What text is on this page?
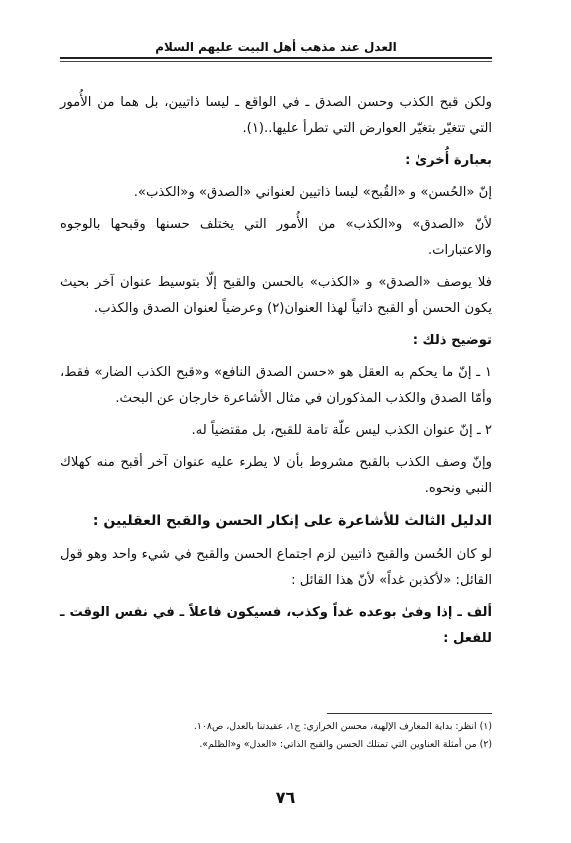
العدل عند مذهب أهل البيت عليهم السلام

ولكن قبح الكذب وحسن الصدق ـ في الواقع ـ ليسا ذاتيين، بل هما من الأُمور التي تتغيّر بتغيّر العوارض التي تطرأ عليها..(١).

بعبارة أُخرىٰ :

إنّ «الحُسن» و «القُبح» ليسا ذاتيين لعنواني «الصدق» و«الكذب».

لأنّ «الصدق» و«الكذب» من الأُمور التي يختلف حسنها وقبحها بالوجوه والاعتبارات.

فلا يوصف «الصدق» و «الكذب» بالحسن والقبح إلّا بتوسيط عنوان آخر بحيث يكون الحسن أو القبح ذاتياً لهذا العنوان(٢) وعرضياً لعنوان الصدق والكذب.

توضيح ذلك :

١ ـ إنّ ما يحكم به العقل هو «حسن الصدق النافع» و«قبح الكذب الضار» فقط، وأمّا الصدق والكذب المذكوران في مثال الأشاعرة خارجان عن البحث.

٢ ـ إنّ عنوان الكذب ليس علّة تامة للقبح، بل مقتضياً له.

وإنّ وصف الكذب بالقبح مشروط بأن لا يطرء عليه عنوان آخر أقبح منه كهلاك النبي ونحوه.

الدليل الثالث للأشاعرة على إنكار الحسن والقبح العقليين :

لو كان الحُسن والقبح ذاتيين لزم اجتماع الحسن والقبح في شيء واحد وهو قول القائل: «لأكذبن غداً» لأنّ هذا القائل :

ألف ـ إذا وفىٰ بوعده غداً وكذب، فسيكون فاعلاً ـ في نفس الوقت ـ للفعل :

(١) انظر: بداية المعارف الإلهية، محسن الخرازي: ج١، عقيدتنا بالعدل، ص١٠٨.

(٢) من أمثلة العناوين التي تمتلك الحسن والقبح الذاتي: «العدل» و«الظلم».

٧٦
